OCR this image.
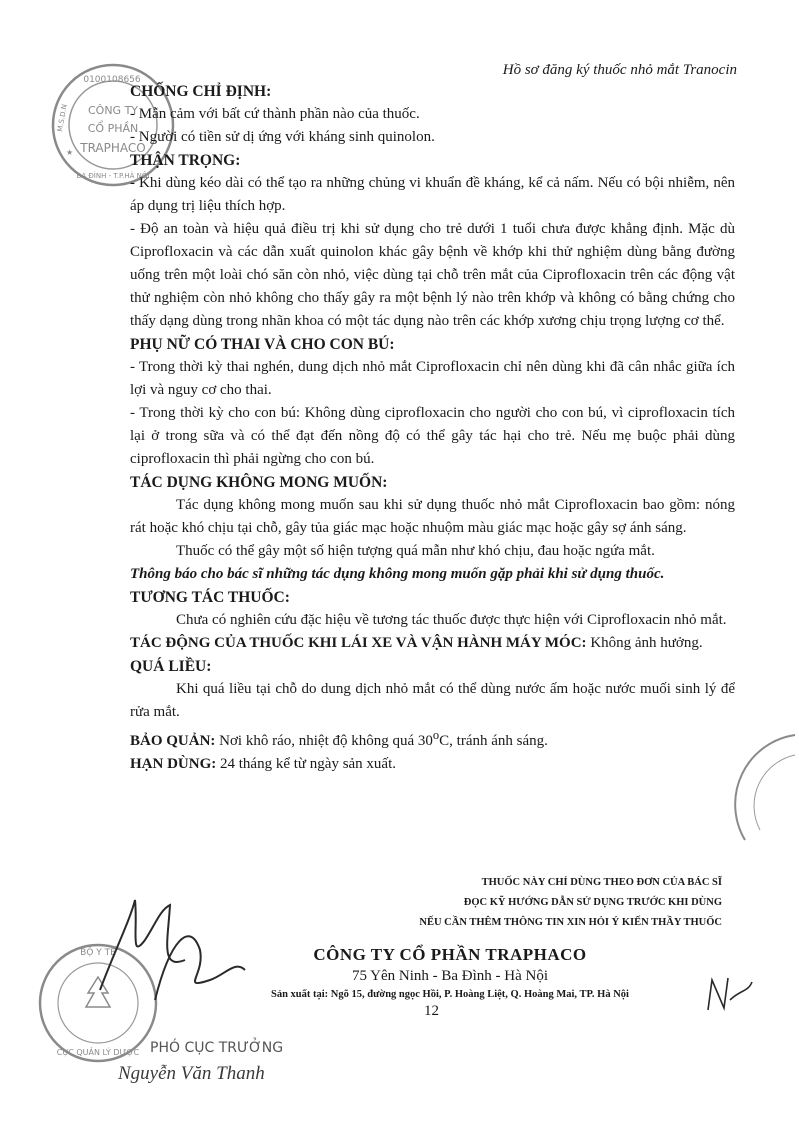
Hồ sơ đăng ký thuốc nhỏ mắt Tranocin
0100108656
CÔNG TY
CỔ PHẦN
TRAPHACO
BA ĐÌNH - T.P.HÀ NỘI
M.S.D.N
★

CHỐNG CHỈ ĐỊNH:

- Mẫn cảm với bất cứ thành phần nào của thuốc.

- Người có tiền sử dị ứng với kháng sinh quinolon.

THẬN TRỌNG:

- Khi dùng kéo dài có thể tạo ra những chủng vi khuẩn đề kháng, kể cả nấm. Nếu có bội nhiễm, nên áp dụng trị liệu thích hợp.

- Độ an toàn và hiệu quả điều trị khi sử dụng cho trẻ dưới 1 tuổi chưa được khẳng định. Mặc dù Ciprofloxacin và các dẫn xuất quinolon khác gây bệnh về khớp khi thử nghiệm dùng bằng đường uống trên một loài chó săn còn nhỏ, việc dùng tại chỗ trên mắt của Ciprofloxacin trên các động vật thử nghiệm còn nhỏ không cho thấy gây ra một bệnh lý nào trên khớp và không có bằng chứng cho thấy dạng dùng trong nhãn khoa có một tác dụng nào trên các khớp xương chịu trọng lượng cơ thể.

PHỤ NỮ CÓ THAI VÀ CHO CON BÚ:

- Trong thời kỳ thai nghén, dung dịch nhỏ mắt Ciprofloxacin chỉ nên dùng khi đã cân nhắc giữa ích lợi và nguy cơ cho thai.

- Trong thời kỳ cho con bú: Không dùng ciprofloxacin cho người cho con bú, vì ciprofloxacin tích lại ở trong sữa và có thể đạt đến nồng độ có thể gây tác hại cho trẻ. Nếu mẹ buộc phải dùng ciprofloxacin thì phải ngừng cho con bú.

TÁC DỤNG KHÔNG MONG MUỐN:

Tác dụng không mong muốn sau khi sử dụng thuốc nhỏ mắt Ciprofloxacin bao gồm: nóng rát hoặc khó chịu tại chỗ, gây tủa giác mạc hoặc nhuộm màu giác mạc hoặc gây sợ ánh sáng.

Thuốc có thể gây một số hiện tượng quá mẫn như khó chịu, đau hoặc ngứa mắt.

Thông báo cho bác sĩ những tác dụng không mong muốn gặp phải khi sử dụng thuốc.

TƯƠNG TÁC THUỐC:

Chưa có nghiên cứu đặc hiệu về tương tác thuốc được thực hiện với Ciprofloxacin nhỏ mắt.

TÁC ĐỘNG CỦA THUỐC KHI LÁI XE VÀ VẬN HÀNH MÁY MÓC: Không ảnh hưởng.

QUÁ LIỀU:

Khi quá liều tại chỗ do dung dịch nhỏ mắt có thể dùng nước ấm hoặc nước muối sinh lý để rửa mắt.

BẢO QUẢN: Nơi khô ráo, nhiệt độ không quá 30$^o$C, tránh ánh sáng.

HẠN DÙNG: 24 tháng kể từ ngày sản xuất.

THUỐC NÀY CHỈ DÙNG THEO ĐƠN CỦA BÁC SĨ
ĐỌC KỸ HƯỚNG DẪN SỬ DỤNG TRƯỚC KHI DÙNG
NẾU CẦN THÊM THÔNG TIN XIN HỎI Ý KIẾN THẦY THUỐC
CÔNG TY CỔ PHẦN TRAPHACO
75 Yên Ninh - Ba Đình - Hà Nội
Sản xuất tại: Ngõ 15, đường ngọc Hồi, P. Hoàng Liệt, Q. Hoàng Mai, TP. Hà Nội
12
BỘ Y TẾ
CỤC QUẢN LÝ DƯỢC PHÓ CỤC TRƯỞNG
Nguyễn Văn Thanh
